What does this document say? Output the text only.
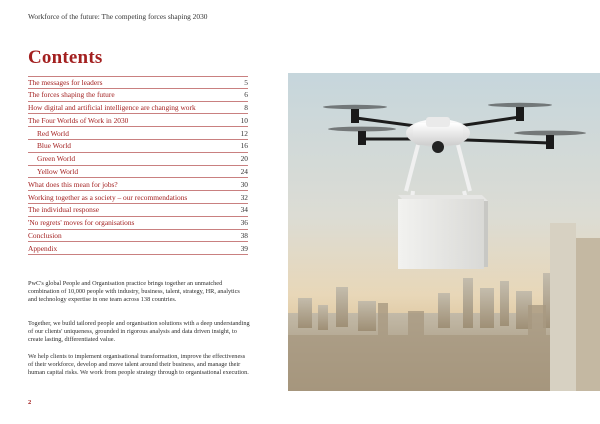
Workforce of the future: The competing forces shaping 2030
Contents
The messages for leaders	5
The forces shaping the future	6
How digital and artificial intelligence are changing work	8
The Four Worlds of Work in 2030	10
Red World	12
Blue World	16
Green World	20
Yellow World	24
What does this mean for jobs?	30
Working together as a society – our recommendations	32
The individual response	34
'No regrets' moves for organisations	36
Conclusion	38
Appendix	39

PwC's global People and Organisation practice brings together an unmatched combination of 10,000 people with industry, business, talent, strategy, HR, analytics and technology expertise in one team across 138 countries.

Together, we build tailored people and organisation solutions with a deep understanding of our clients' uniqueness, grounded in rigorous analysis and data driven insight, to create lasting, differentiated value.

We help clients to implement organisational transformation, improve the effectiveness of their workforce, develop and move talent around their business, and manage their human capital risks. We work from people strategy through to organisational execution.

2
